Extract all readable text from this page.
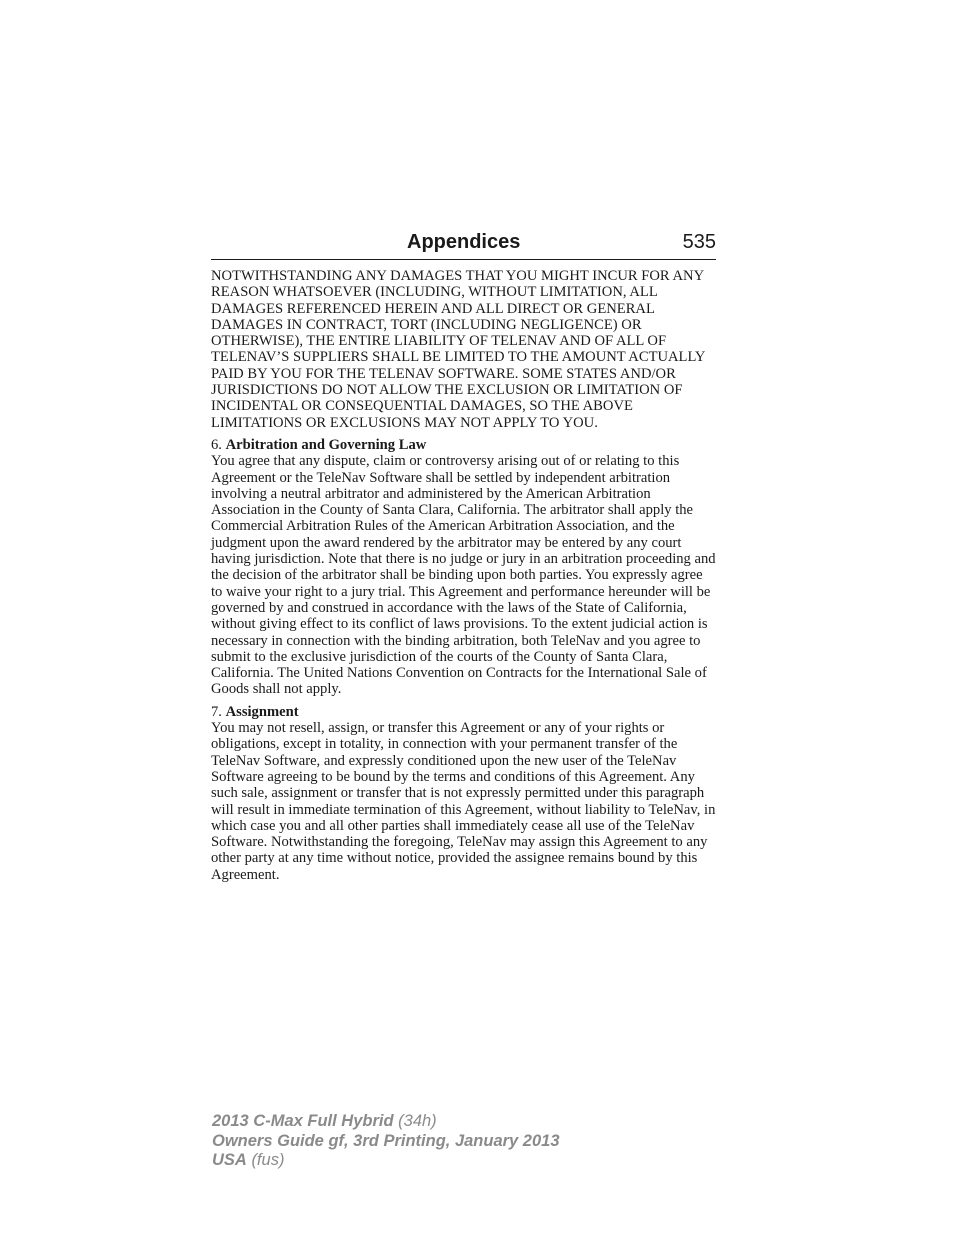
Appendices	535

NOTWITHSTANDING ANY DAMAGES THAT YOU MIGHT INCUR FOR ANY REASON WHATSOEVER (INCLUDING, WITHOUT LIMITATION, ALL DAMAGES REFERENCED HEREIN AND ALL DIRECT OR GENERAL DAMAGES IN CONTRACT, TORT (INCLUDING NEGLIGENCE) OR OTHERWISE), THE ENTIRE LIABILITY OF TELENAV AND OF ALL OF TELENAV’S SUPPLIERS SHALL BE LIMITED TO THE AMOUNT ACTUALLY PAID BY YOU FOR THE TELENAV SOFTWARE. SOME STATES AND/OR JURISDICTIONS DO NOT ALLOW THE EXCLUSION OR LIMITATION OF INCIDENTAL OR CONSEQUENTIAL DAMAGES, SO THE ABOVE LIMITATIONS OR EXCLUSIONS MAY NOT APPLY TO YOU.

6. Arbitration and Governing Law

You agree that any dispute, claim or controversy arising out of or relating to this Agreement or the TeleNav Software shall be settled by independent arbitration involving a neutral arbitrator and administered by the American Arbitration Association in the County of Santa Clara, California. The arbitrator shall apply the Commercial Arbitration Rules of the American Arbitration Association, and the judgment upon the award rendered by the arbitrator may be entered by any court having jurisdiction. Note that there is no judge or jury in an arbitration proceeding and the decision of the arbitrator shall be binding upon both parties. You expressly agree to waive your right to a jury trial. This Agreement and performance hereunder will be governed by and construed in accordance with the laws of the State of California, without giving effect to its conflict of laws provisions. To the extent judicial action is necessary in connection with the binding arbitration, both TeleNav and you agree to submit to the exclusive jurisdiction of the courts of the County of Santa Clara, California. The United Nations Convention on Contracts for the International Sale of Goods shall not apply.

7. Assignment

You may not resell, assign, or transfer this Agreement or any of your rights or obligations, except in totality, in connection with your permanent transfer of the TeleNav Software, and expressly conditioned upon the new user of the TeleNav Software agreeing to be bound by the terms and conditions of this Agreement. Any such sale, assignment or transfer that is not expressly permitted under this paragraph will result in immediate termination of this Agreement, without liability to TeleNav, in which case you and all other parties shall immediately cease all use of the TeleNav Software. Notwithstanding the foregoing, TeleNav may assign this Agreement to any other party at any time without notice, provided the assignee remains bound by this Agreement.

2013 C-Max Full Hybrid (34h)
Owners Guide gf, 3rd Printing, January 2013
USA (fus)
